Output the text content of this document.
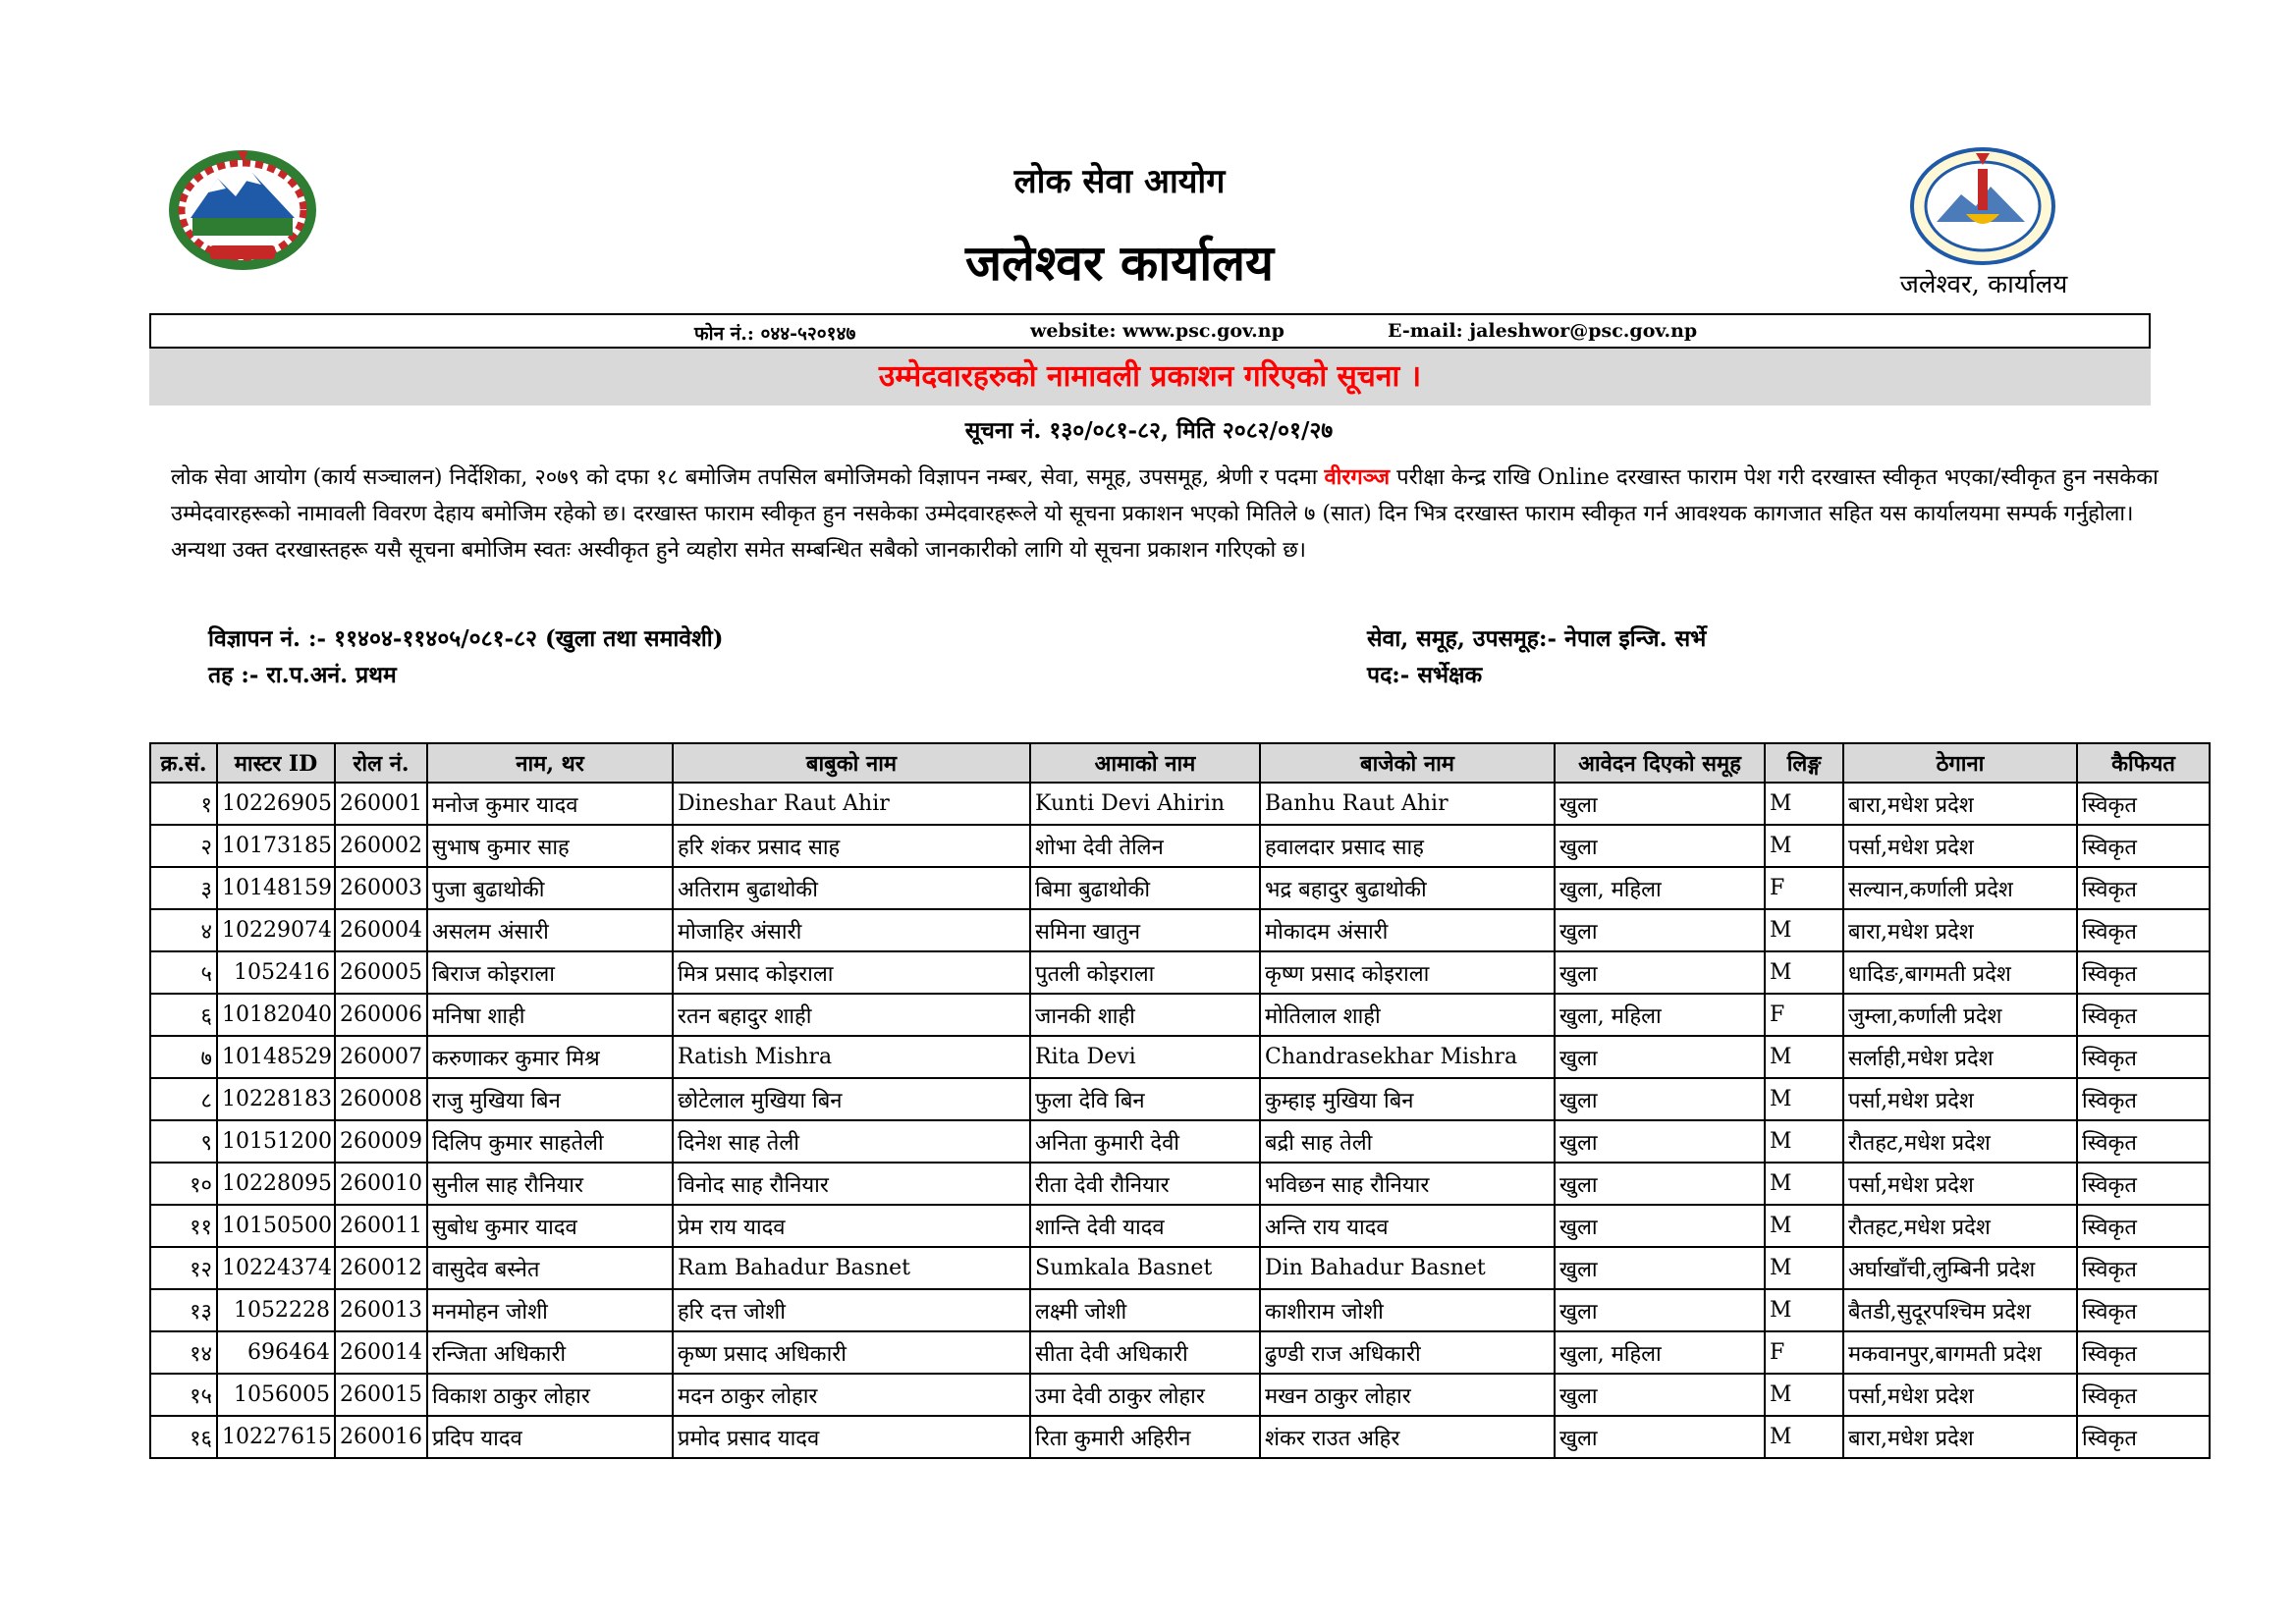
लोक सेवा आयोग
जलेश्वर कार्यालय	जलेश्वर, कार्यालय
फोन नं.: ०४४-५२०१४७	website: www.psc.gov.np	E-mail: jaleshwor@psc.gov.np
उम्मेदवारहरुको नामावली प्रकाशन गरिएको सूचना ।
सूचना नं. १३०/०८१-८२, मिति २०८२/०१/२७
लोक सेवा आयोग (कार्य सञ्चालन) निर्देशिका, २०७९ को दफा १८ बमोजिम तपसिल बमोजिमको विज्ञापन नम्बर, सेवा, समूह, उपसमूह, श्रेणी र पदमा वीरगञ्ज परीक्षा केन्द्र राखि Online दरखास्त फाराम पेश गरी दरखास्त स्वीकृत भएका/स्वीकृत हुन नसकेका उम्मेदवारहरूको नामावली विवरण देहाय बमोजिम रहेको छ। दरखास्त फाराम स्वीकृत हुन नसकेका उम्मेदवारहरूले यो सूचना प्रकाशन भएको मितिले ७ (सात) दिन भित्र दरखास्त फाराम स्वीकृत गर्न आवश्यक कागजात सहित यस कार्यालयमा सम्पर्क गर्नुहोला। अन्यथा उक्त दरखास्तहरू यसै सूचना बमोजिम स्वतः अस्वीकृत हुने व्यहोरा समेत सम्बन्धित सबैको जानकारीको लागि यो सूचना प्रकाशन गरिएको छ।
विज्ञापन नं. :- ११४०४-११४०५/०८१-८२ (खुला तथा समावेशी)
तह :- रा.प.अनं. प्रथम
सेवा, समूह, उपसमूह:- नेपाल इन्जि. सर्भे
पद:- सर्भेक्षक
क्र.सं.	मास्टर ID	रोल नं.	नाम, थर	बाबुको नाम	आमाको नाम	बाजेको नाम	आवेदन दिएको समूह	लिङ्ग	ठेगाना	कैफियत
१	10226905	260001	मनोज कुमार यादव	Dineshar Raut Ahir	Kunti Devi Ahirin	Banhu Raut Ahir	खुला	M	बारा,मधेश प्रदेश	स्विकृत
२	10173185	260002	सुभाष कुमार साह	हरि शंकर प्रसाद साह	शोभा देवी तेलिन	हवालदार प्रसाद साह	खुला	M	पर्सा,मधेश प्रदेश	स्विकृत
३	10148159	260003	पुजा बुढाथोकी	अतिराम बुढाथोकी	बिमा बुढाथोकी	भद्र बहादुर बुढाथोकी	खुला, महिला	F	सल्यान,कर्णाली प्रदेश	स्विकृत
४	10229074	260004	असलम अंसारी	मोजाहिर अंसारी	समिना खातुन	मोकादम अंसारी	खुला	M	बारा,मधेश प्रदेश	स्विकृत
५	1052416	260005	बिराज कोइराला	मित्र प्रसाद कोइराला	पुतली कोइराला	कृष्ण प्रसाद कोइराला	खुला	M	धादिङ,बागमती प्रदेश	स्विकृत
६	10182040	260006	मनिषा शाही	रतन बहादुर शाही	जानकी शाही	मोतिलाल शाही	खुला, महिला	F	जुम्ला,कर्णाली प्रदेश	स्विकृत
७	10148529	260007	करुणाकर कुमार मिश्र	Ratish Mishra	Rita Devi	Chandrasekhar Mishra	खुला	M	सर्लाही,मधेश प्रदेश	स्विकृत
८	10228183	260008	राजु मुखिया बिन	छोटेलाल मुखिया बिन	फुला देवि बिन	कुम्हाइ मुखिया बिन	खुला	M	पर्सा,मधेश प्रदेश	स्विकृत
९	10151200	260009	दिलिप कुमार साहतेली	दिनेश साह तेली	अनिता कुमारी देवी	बद्री साह तेली	खुला	M	रौतहट,मधेश प्रदेश	स्विकृत
१०	10228095	260010	सुनील साह रौनियार	विनोद साह रौनियार	रीता देवी रौनियार	भविछन साह रौनियार	खुला	M	पर्सा,मधेश प्रदेश	स्विकृत
११	10150500	260011	सुबोध कुमार यादव	प्रेम राय यादव	शान्ति देवी यादव	अन्ति राय यादव	खुला	M	रौतहट,मधेश प्रदेश	स्विकृत
१२	10224374	260012	वासुदेव बस्नेत	Ram Bahadur Basnet	Sumkala Basnet	Din Bahadur Basnet	खुला	M	अर्घाखाँची,लुम्बिनी प्रदेश	स्विकृत
१३	1052228	260013	मनमोहन जोशी	हरि दत्त जोशी	लक्ष्मी जोशी	काशीराम जोशी	खुला	M	बैतडी,सुदूरपश्चिम प्रदेश	स्विकृत
१४	696464	260014	रन्जिता अधिकारी	कृष्ण प्रसाद अधिकारी	सीता देवी अधिकारी	ढुण्डी राज अधिकारी	खुला, महिला	F	मकवानपुर,बागमती प्रदेश	स्विकृत
१५	1056005	260015	विकाश ठाकुर लोहार	मदन ठाकुर लोहार	उमा देवी ठाकुर लोहार	मखन ठाकुर लोहार	खुला	M	पर्सा,मधेश प्रदेश	स्विकृत
१६	10227615	260016	प्रदिप यादव	प्रमोद प्रसाद यादव	रिता कुमारी अहिरीन	शंकर राउत अहिर	खुला	M	बारा,मधेश प्रदेश	स्विकृत
